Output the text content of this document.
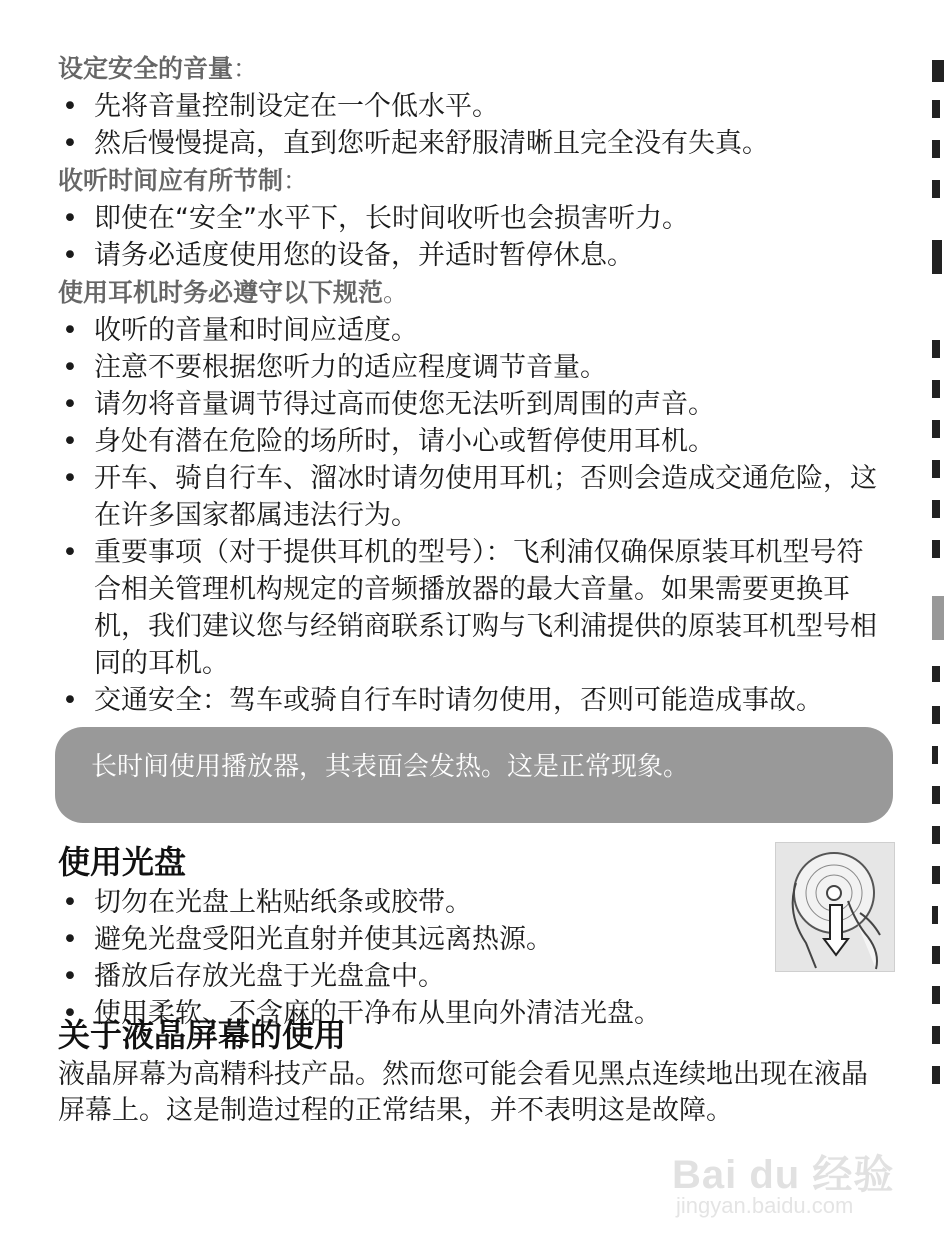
设定安全的音量：

• 先将音量控制设定在一个低水平。
• 然后慢慢提高，直到您听起来舒服清晰且完全没有失真。

收听时间应有所节制：

• 即使在“安全”水平下，长时间收听也会损害听力。
• 请务必适度使用您的设备，并适时暂停休息。

使用耳机时务必遵守以下规范。

• 收听的音量和时间应适度。
• 注意不要根据您听力的适应程度调节音量。
• 请勿将音量调节得过高而使您无法听到周围的声音。
• 身处有潜在危险的场所时，请小心或暂停使用耳机。
• 开车、骑自行车、溜冰时请勿使用耳机；否则会造成交通危险，这在许多国家都属违法行为。
• 重要事项（对于提供耳机的型号）：飞利浦仅确保原装耳机型号符合相关管理机构规定的音频播放器的最大音量。如果需要更换耳机，我们建议您与经销商联系订购与飞利浦提供的原装耳机型号相同的耳机。
• 交通安全：驾车或骑自行车时请勿使用，否则可能造成事故。
长时间使用播放器，其表面会发热。这是正常现象。
使用光盘
• 切勿在光盘上粘贴纸条或胶带。
• 避免光盘受阳光直射并使其远离热源。
• 播放后存放光盘于光盘盒中。
• 使用柔软、不含麻的干净布从里向外清洁光盘。
关于液晶屏幕的使用

液晶屏幕为高精科技产品。然而您可能会看见黑点连续地出现在液晶屏幕上。这是制造过程的正常结果，并不表明这是故障。

Bai du 经验
jingyan.baidu.com
